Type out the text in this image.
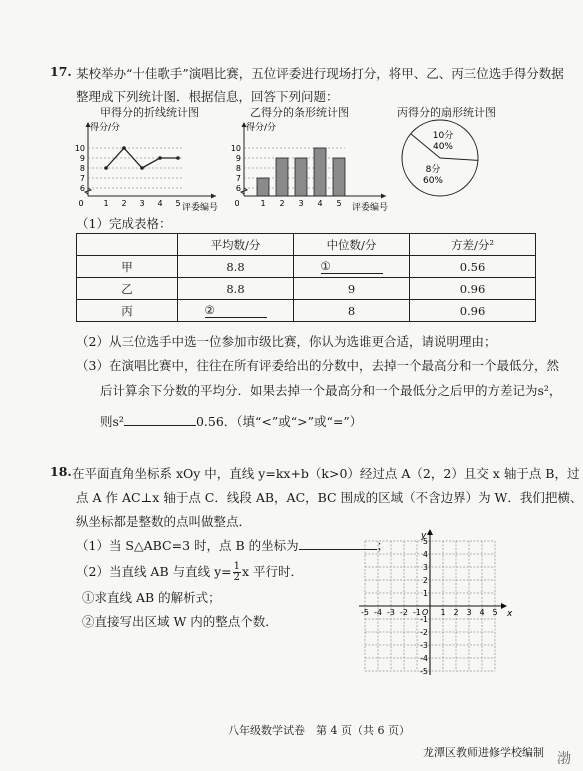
17. 某校举办“十佳歌手”演唱比赛，五位评委进行现场打分，将甲、乙、丙三位选手得分数据
整理成下列统计图．根据信息，回答下列问题：
甲得分的折线统计图
6
7
8
9
10
0 1 2 3 4 5
得分/分
评委编号
乙得分的条形统计图
6
7
8
9
10
0	1 2 3 4 5
得分/分
评委编号
丙得分的扇形统计图
10分
40%
8分
60%
（1）完成表格：
	平均数/分	中位数/分	方差/分²
甲	8.8	①	0.56
乙	8.8	9	0.96
丙	②	8	0.96
（2）从三位选手中选一位参加市级比赛，你认为选谁更合适，请说明理由；
（3）在演唱比赛中，往往在所有评委给出的分数中，去掉一个最高分和一个最低分，然
后计算余下分数的平均分．如果去掉一个最高分和一个最低分之后甲的方差记为s²，
则s²	0.56．（填“<”或“>”或“=”）
18. 在平面直角坐标系 xOy 中，直线 y=kx+b（k>0）经过点 A（2，2）且交 x 轴于点 B，过
点 A 作 AC⊥x 轴于点 C．线段 AB，AC，BC 围成的区域（不含边界）为 W．我们把横、
纵坐标都是整数的点叫做整点．
（1）当 S△ABC=3 时，点 B 的坐标为	；
（2）当直线 AB 与直线 $y= \frac{1}{2}$ x 平行时．
①求直线 AB 的解析式；
②直接写出区域 W 内的整点个数．	x
y
O
-5 -4 -3 -2 -1 1 2 3 4 5
5
4
3
2
1
-1
-2
-3
-4
-5
八年级数学试卷　第 4 页（共 6 页）
龙潭区教师进修学校编制 渤
